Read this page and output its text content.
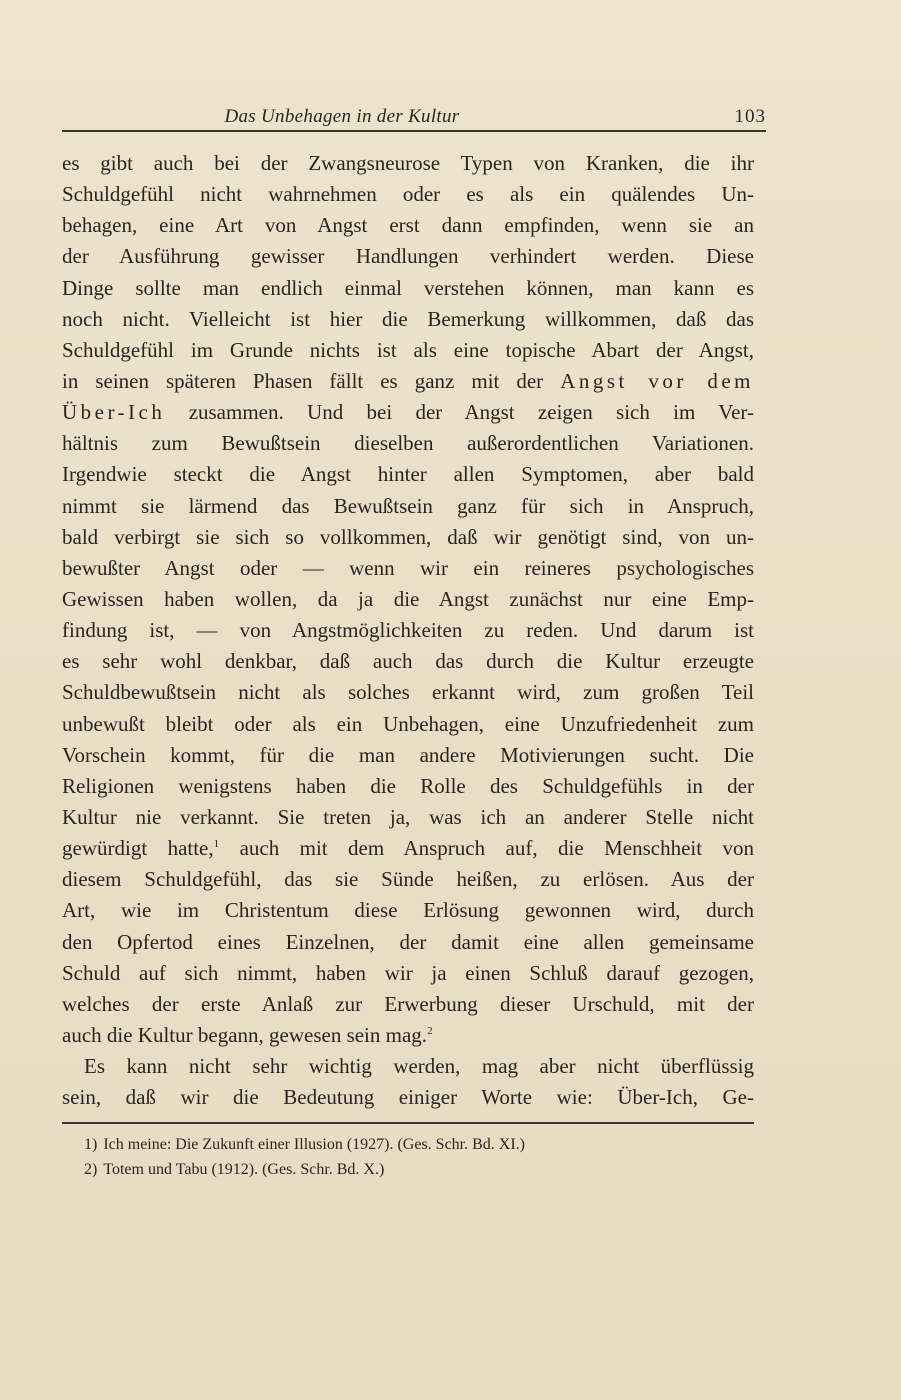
Das Unbehagen in der Kultur	103
es gibt auch bei der Zwangsneurose Typen von Kranken, die ihr
Schuldgefühl nicht wahrnehmen oder es als ein quälendes Un-
behagen, eine Art von Angst erst dann empfinden, wenn sie an
der Ausführung gewisser Handlungen verhindert werden. Diese
Dinge sollte man endlich einmal verstehen können, man kann es
noch nicht. Vielleicht ist hier die Bemerkung willkommen, daß das
Schuldgefühl im Grunde nichts ist als eine topische Abart der Angst,
in seinen späteren Phasen fällt es ganz mit der Angst vor dem
Über-Ich zusammen. Und bei der Angst zeigen sich im Ver-
hältnis zum Bewußtsein dieselben außerordentlichen Variationen.
Irgendwie steckt die Angst hinter allen Symptomen, aber bald
nimmt sie lärmend das Bewußtsein ganz für sich in Anspruch,
bald verbirgt sie sich so vollkommen, daß wir genötigt sind, von un-
bewußter Angst oder — wenn wir ein reineres psychologisches
Gewissen haben wollen, da ja die Angst zunächst nur eine Emp-
findung ist, — von Angstmöglichkeiten zu reden. Und darum ist
es sehr wohl denkbar, daß auch das durch die Kultur erzeugte
Schuldbewußtsein nicht als solches erkannt wird, zum großen Teil
unbewußt bleibt oder als ein Unbehagen, eine Unzufriedenheit zum
Vorschein kommt, für die man andere Motivierungen sucht. Die
Religionen wenigstens haben die Rolle des Schuldgefühls in der
Kultur nie verkannt. Sie treten ja, was ich an anderer Stelle nicht
gewürdigt hatte,$^1$ auch mit dem Anspruch auf, die Menschheit von
diesem Schuldgefühl, das sie Sünde heißen, zu erlösen. Aus der
Art, wie im Christentum diese Erlösung gewonnen wird, durch
den Opfertod eines Einzelnen, der damit eine allen gemeinsame
Schuld auf sich nimmt, haben wir ja einen Schluß darauf gezogen,
welches der erste Anlaß zur Erwerbung dieser Urschuld, mit der
auch die Kultur begann, gewesen sein mag.$^2$
Es kann nicht sehr wichtig werden, mag aber nicht überflüssig
sein, daß wir die Bedeutung einiger Worte wie: Über-Ich, Ge-
1) Ich meine: Die Zukunft einer Illusion (1927). (Ges. Schr. Bd. XI.)
2) Totem und Tabu (1912). (Ges. Schr. Bd. X.)
